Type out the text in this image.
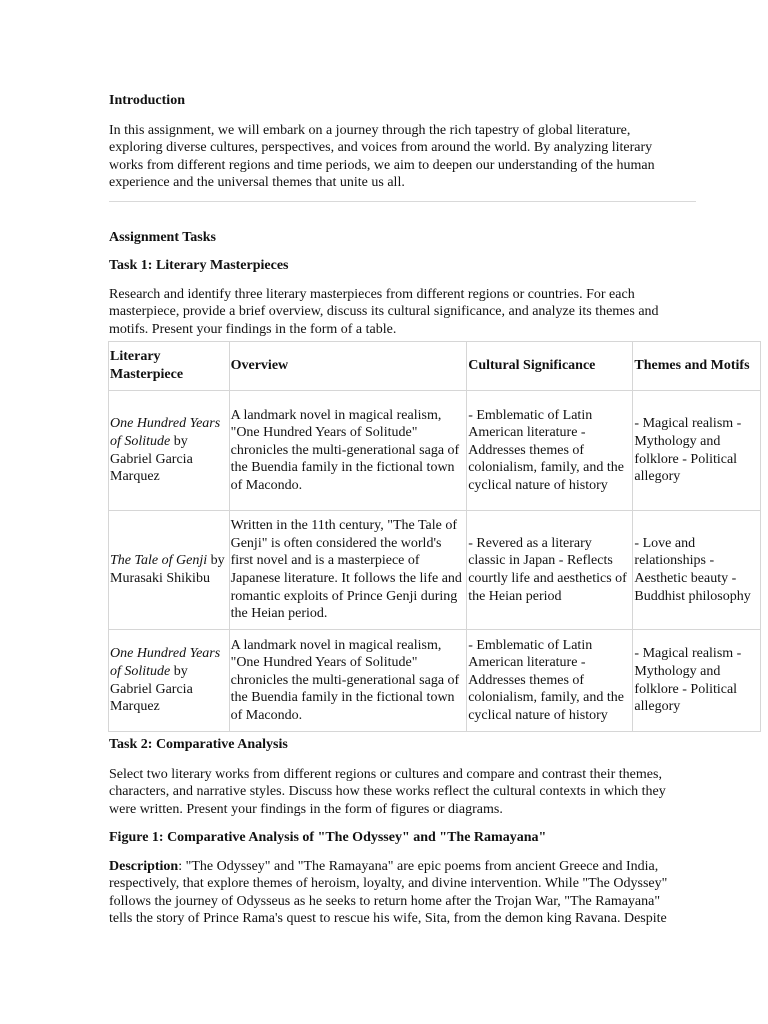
Introduction

In this assignment, we will embark on a journey through the rich tapestry of global literature, exploring diverse cultures, perspectives, and voices from around the world. By analyzing literary works from different regions and time periods, we aim to deepen our understanding of the human experience and the universal themes that unite us all.

Assignment Tasks
Task 1: Literary Masterpieces

Research and identify three literary masterpieces from different regions or countries. For each masterpiece, provide a brief overview, discuss its cultural significance, and analyze its themes and motifs. Present your findings in the form of a table.

Literary Masterpiece	Overview	Cultural Significance	Themes and Motifs
One Hundred Years of Solitude by Gabriel Garcia Marquez	A landmark novel in magical realism, "One Hundred Years of Solitude" chronicles the multi-generational saga of the Buendia family in the fictional town of Macondo.	- Emblematic of Latin American literature - Addresses themes of colonialism, family, and the cyclical nature of history	- Magical realism - Mythology and folklore - Political allegory
The Tale of Genji by Murasaki Shikibu	Written in the 11th century, "The Tale of Genji" is often considered the world's first novel and is a masterpiece of Japanese literature. It follows the life and romantic exploits of Prince Genji during the Heian period.	- Revered as a literary classic in Japan - Reflects courtly life and aesthetics of the Heian period	- Love and relationships - Aesthetic beauty - Buddhist philosophy
One Hundred Years of Solitude by Gabriel Garcia Marquez	A landmark novel in magical realism, "One Hundred Years of Solitude" chronicles the multi-generational saga of the Buendia family in the fictional town of Macondo.	- Emblematic of Latin American literature - Addresses themes of colonialism, family, and the cyclical nature of history	- Magical realism - Mythology and folklore - Political allegory
Task 2: Comparative Analysis

Select two literary works from different regions or cultures and compare and contrast their themes, characters, and narrative styles. Discuss how these works reflect the cultural contexts in which they were written. Present your findings in the form of figures or diagrams.

Figure 1: Comparative Analysis of "The Odyssey" and "The Ramayana"

Description: "The Odyssey" and "The Ramayana" are epic poems from ancient Greece and India, respectively, that explore themes of heroism, loyalty, and divine intervention. While "The Odyssey" follows the journey of Odysseus as he seeks to return home after the Trojan War, "The Ramayana" tells the story of Prince Rama's quest to rescue his wife, Sita, from the demon king Ravana. Despite
